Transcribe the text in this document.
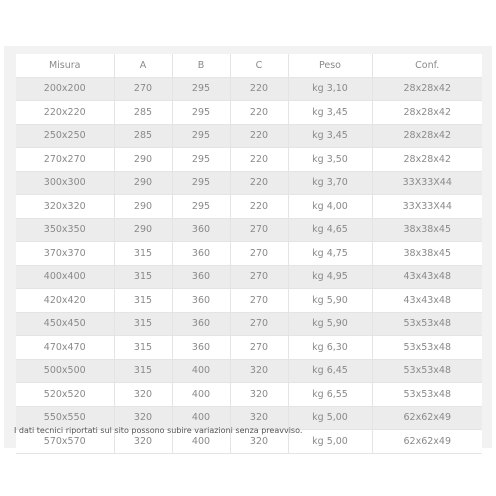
Misura	A	B	C	Peso	Conf.
200x200	270	295	220	kg 3,10	28x28x42
220x220	285	295	220	kg 3,45	28x28x42
250x250	285	295	220	kg 3,45	28x28x42
270x270	290	295	220	kg 3,50	28x28x42
300x300	290	295	220	kg 3,70	33X33X44
320x320	290	295	220	kg 4,00	33X33X44
350x350	290	360	270	kg 4,65	38x38x45
370x370	315	360	270	kg 4,75	38x38x45
400x400	315	360	270	kg 4,95	43x43x48
420x420	315	360	270	kg 5,90	43x43x48
450x450	315	360	270	kg 5,90	53x53x48
470x470	315	360	270	kg 6,30	53x53x48
500x500	315	400	320	kg 6,45	53x53x48
520x520	320	400	320	kg 6,55	53x53x48
550x550	320	400	320	kg 5,00	62x62x49
570x570	320	400	320	kg 5,00	62x62x49
I dati tecnici riportati sul sito possono subire variazioni senza preavviso.
